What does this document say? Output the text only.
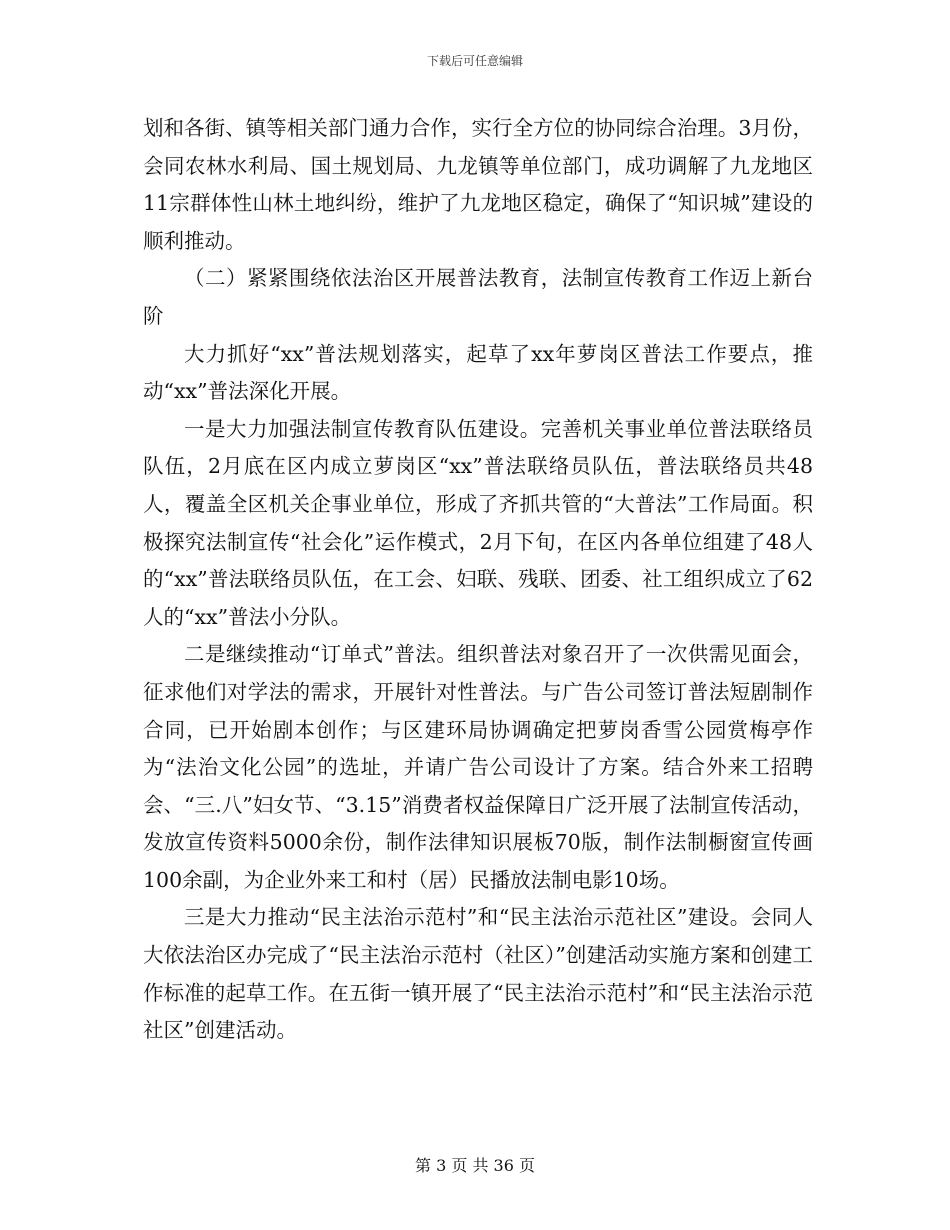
下载后可任意编辑

划和各街、镇等相关部门通力合作，实行全方位的协同综合治理。3月份，会同农林水利局、国土规划局、九龙镇等单位部门，成功调解了九龙地区11宗群体性山林土地纠纷，维护了九龙地区稳定，确保了“知识城”建设的顺利推动。

（二）紧紧围绕依法治区开展普法教育，法制宣传教育工作迈上新台阶

大力抓好“xx”普法规划落实，起草了xx年萝岗区普法工作要点，推动“xx”普法深化开展。

一是大力加强法制宣传教育队伍建设。完善机关事业单位普法联络员队伍，2月底在区内成立萝岗区“xx”普法联络员队伍，普法联络员共48人，覆盖全区机关企事业单位，形成了齐抓共管的“大普法”工作局面。积极探究法制宣传“社会化”运作模式，2月下旬，在区内各单位组建了48人的“xx”普法联络员队伍，在工会、妇联、残联、团委、社工组织成立了62人的“xx”普法小分队。

二是继续推动“订单式”普法。组织普法对象召开了一次供需见面会，征求他们对学法的需求，开展针对性普法。与广告公司签订普法短剧制作合同，已开始剧本创作；与区建环局协调确定把萝岗香雪公园赏梅亭作为“法治文化公园”的选址，并请广告公司设计了方案。结合外来工招聘会、“三.八”妇女节、“3.15”消费者权益保障日广泛开展了法制宣传活动，发放宣传资料5000余份，制作法律知识展板70版，制作法制橱窗宣传画100余副，为企业外来工和村（居）民播放法制电影10场。

三是大力推动“民主法治示范村”和“民主法治示范社区”建设。会同人大依法治区办完成了“民主法治示范村（社区）”创建活动实施方案和创建工作标准的起草工作。在五街一镇开展了“民主法治示范村”和“民主法治示范社区”创建活动。

第 3 页 共 36 页
